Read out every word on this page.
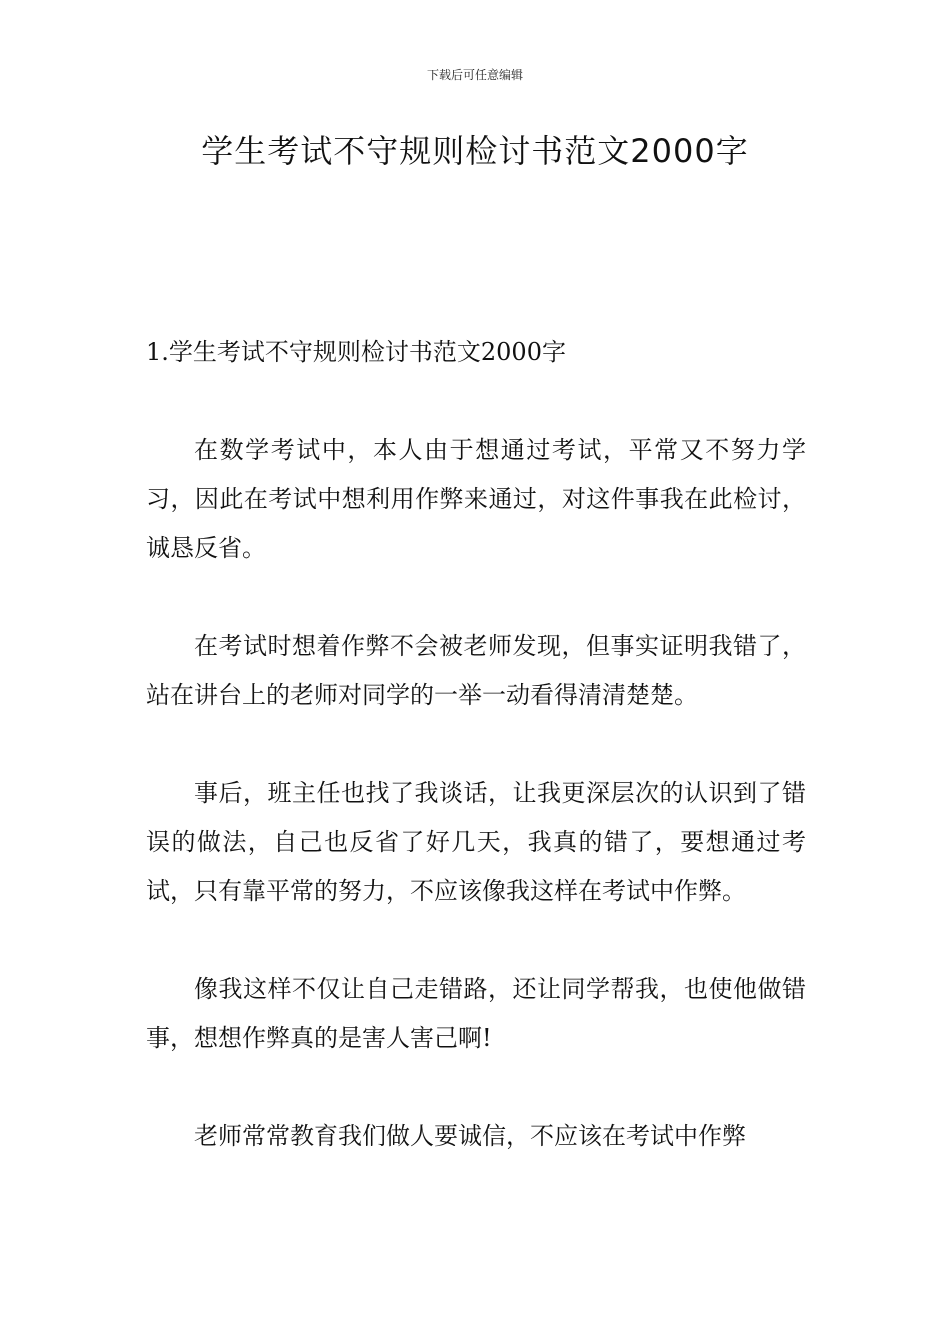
下载后可任意编辑
学生考试不守规则检讨书范文2000字

1.学生考试不守规则检讨书范文2000字

在数学考试中，本人由于想通过考试，平常又不努力学习，因此在考试中想利用作弊来通过，对这件事我在此检讨，诚恳反省。

在考试时想着作弊不会被老师发现，但事实证明我错了，站在讲台上的老师对同学的一举一动看得清清楚楚。

事后，班主任也找了我谈话，让我更深层次的认识到了错误的做法，自己也反省了好几天，我真的错了，要想通过考试，只有靠平常的努力，不应该像我这样在考试中作弊。

像我这样不仅让自己走错路，还让同学帮我，也使他做错事，想想作弊真的是害人害己啊!

老师常常教育我们做人要诚信，不应该在考试中作弊
